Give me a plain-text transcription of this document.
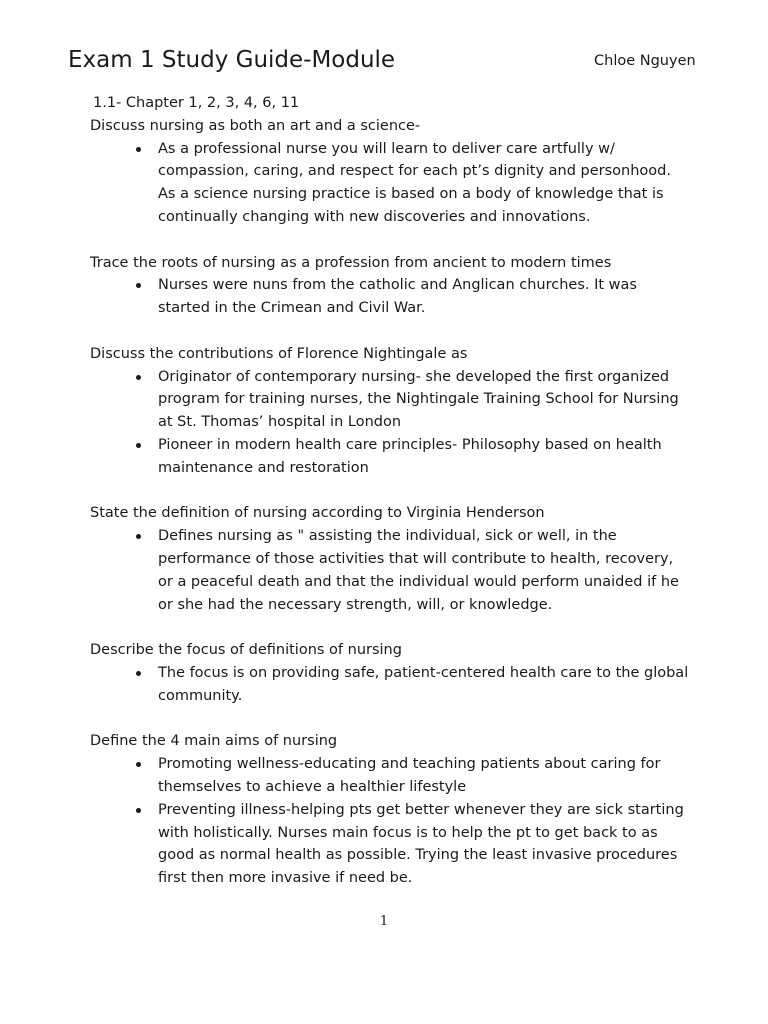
Exam 1 Study Guide-Module	Chloe Nguyen

1.1- Chapter 1, 2, 3, 4, 6, 11

Discuss nursing as both an art and a science-

As a professional nurse you will learn to deliver care artfully w/ compassion, caring, and respect for each pt’s dignity and personhood. As a science nursing practice is based on a body of knowledge that is continually changing with new discoveries and innovations.

Trace the roots of nursing as a profession from ancient to modern times

Nurses were nuns from the catholic and Anglican churches. It was started in the Crimean and Civil War.

Discuss the contributions of Florence Nightingale as

Originator of contemporary nursing- she developed the first organized program for training nurses, the Nightingale Training School for Nursing at St. Thomas’ hospital in London
Pioneer in modern health care principles- Philosophy based on health maintenance and restoration

State the definition of nursing according to Virginia Henderson

Defines nursing as " assisting the individual, sick or well, in the performance of those activities that will contribute to health, recovery, or a peaceful death and that the individual would perform unaided if he or she had the necessary strength, will, or knowledge.

Describe the focus of definitions of nursing

The focus is on providing safe, patient-centered health care to the global community.

Define the 4 main aims of nursing

Promoting wellness-educating and teaching patients about caring for themselves to achieve a healthier lifestyle
Preventing illness-helping pts get better whenever they are sick starting with holistically. Nurses main focus is to help the pt to get back to as good as normal health as possible. Trying the least invasive procedures first then more invasive if need be.
1
